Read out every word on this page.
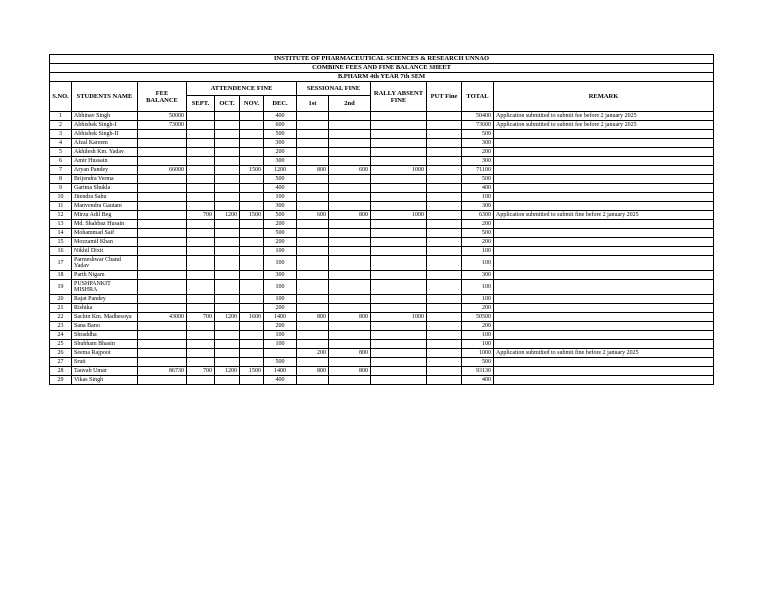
INSTITUTE OF PHARMACEUTICAL SCIENCES & RESEARCH UNNAO												
COMBINE FEES AND FINE BALANCE SHEET												
B.PHARM 4th YEAR 7th SEM												
S.NO.	STUDENTS NAME	FEE BALANCE	ATTENDENCE FINE				SESSIONAL FINE		RALLY ABSENT FINE	PUT Fine	TOTAL	REMARK
			SEPT.	OCT.	NOV.	DEC.	1st	2nd				
1	Abhinav Singh	50000				400					50400	Application submitted to submit fee before 2 january 2025
2	Abhishek Singh-I	73000				600					73600	Application submitted to submit fee before 2 january 2025
3	Abhishek Singh-II					500					500	
4	Afzal Kareem					300					300	
5	Akhilesh Km. Yadav					200					200	
6	Amir Hussain					300					300	
7	Aryan Pandey	66000			1500	1200	800	600	1000		71100	
8	Brijendra Verma					500					500	
9	Garima Shukla					400					400	
10	Jitendra Sahu					100					100	
11	Manvendra Gautam					300					300	
12	Mirza Adil Beg		700	1200	1500	500	600	800	1000		6300	Application submitted to submit fine before 2 january 2025
13	Md. Shahbaz Husain					200					200	
14	Mohammad Saif					500					500	
15	Mozzamil Khan					200					200	
16	Nikhil Dixit					100					100	
17	Parmeshwar Chand Yadav					100					100	
18	Parth Nigam					300					300	
19	PUSHPANKIT MISHRA					100					100	
20	Rajat Pandey					100					100	
21	Rishika					200					200	
22	Sachin Km. Madhesoya	43000	700	1200	1600	1400	800	800	1000		50500	
23	Sana Bano					200					200	
24	Shraddha					100					100	
25	Shubham Bhasin					100					100	
26	Seema Rajpoot						200	800			1000	Application submitted to submit fine before 2 january 2025
27	Sruti					500					500	
28	Tauvab Umar	86730	700	1200	1500	1400	800	800			93130	
29	Vikas Singh					400					400	
